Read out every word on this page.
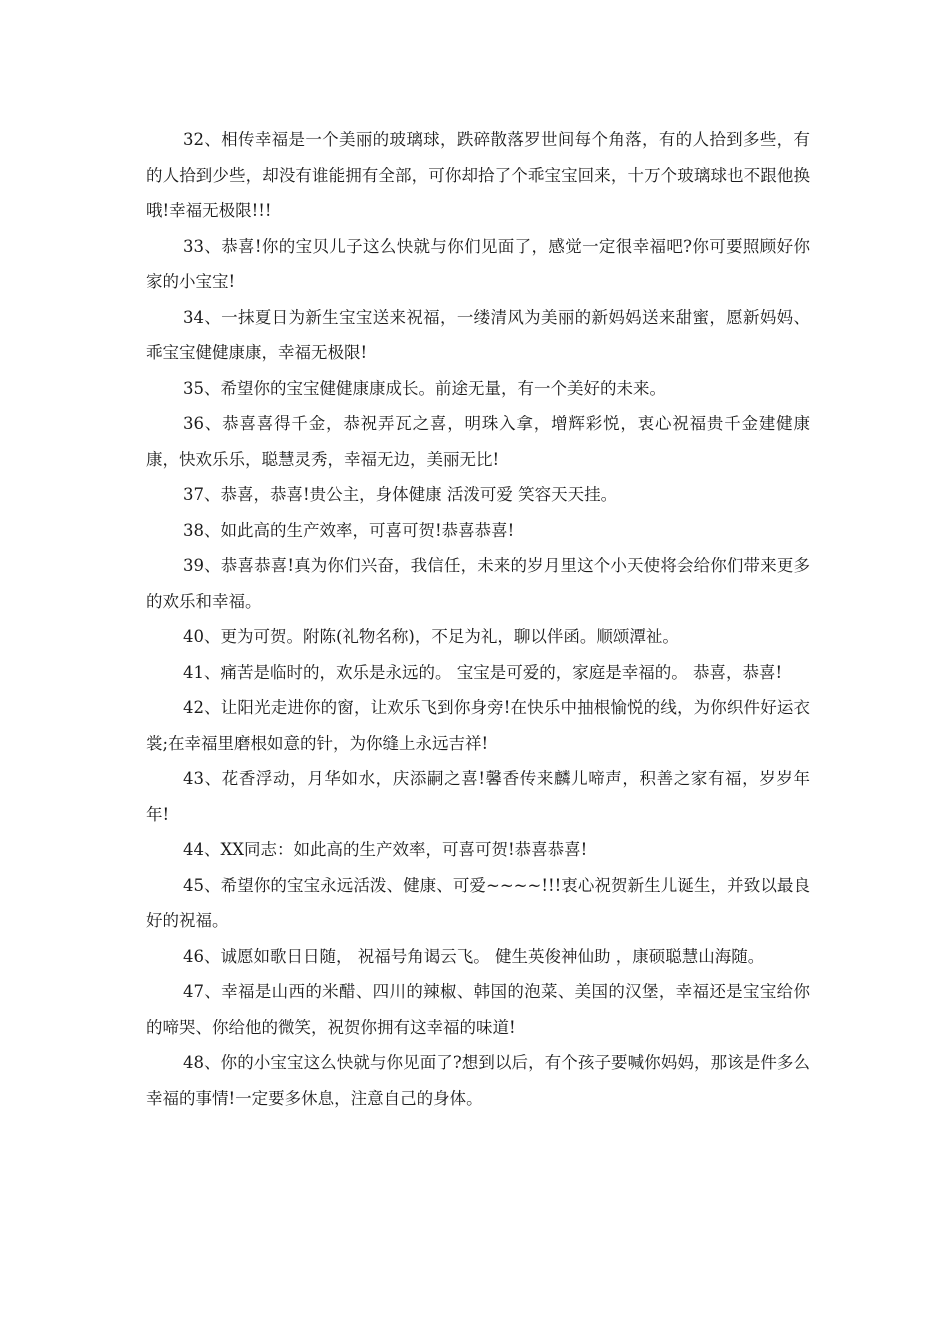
32、相传幸福是一个美丽的玻璃球，跌碎散落罗世间每个角落，有的人拾到多些，有的人拾到少些，却没有谁能拥有全部，可你却拾了个乖宝宝回来，十万个玻璃球也不跟他换哦!幸福无极限!!!

33、恭喜!你的宝贝儿子这么快就与你们见面了，感觉一定很幸福吧?你可要照顾好你家的小宝宝!

34、一抹夏日为新生宝宝送来祝福，一缕清风为美丽的新妈妈送来甜蜜，愿新妈妈、乖宝宝健健康康，幸福无极限!

35、希望你的宝宝健健康康成长。前途无量，有一个美好的未来。

36、恭喜喜得千金，恭祝弄瓦之喜，明珠入拿，增辉彩悦，衷心祝福贵千金建健康康，快欢乐乐，聪慧灵秀，幸福无边，美丽无比!

37、恭喜，恭喜!贵公主，身体健康 活泼可爱 笑容天天挂。

38、如此高的生产效率，可喜可贺!恭喜恭喜!

39、恭喜恭喜!真为你们兴奋，我信任，未来的岁月里这个小天使将会给你们带来更多的欢乐和幸福。

40、更为可贺。附陈(礼物名称)，不足为礼，聊以伴函。顺颂潭祉。

41、痛苦是临时的，欢乐是永远的。 宝宝是可爱的，家庭是幸福的。 恭喜，恭喜!

42、让阳光走进你的窗，让欢乐飞到你身旁!在快乐中抽根愉悦的线，为你织件好运衣裳;在幸福里磨根如意的针，为你缝上永远吉祥!

43、花香浮动，月华如水，庆添嗣之喜!馨香传来麟儿啼声，积善之家有福，岁岁年年!

44、XX同志：如此高的生产效率，可喜可贺!恭喜恭喜!

45、希望你的宝宝永远活泼、健康、可爱~~~~!!!衷心祝贺新生儿诞生，并致以最良好的祝福。

46、诚愿如歌日日随， 祝福号角谒云飞。 健生英俊神仙助 ，康硕聪慧山海随。

47、幸福是山西的米醋、四川的辣椒、韩国的泡菜、美国的汉堡，幸福还是宝宝给你的啼哭、你给他的微笑，祝贺你拥有这幸福的味道!

48、你的小宝宝这么快就与你见面了?想到以后，有个孩子要喊你妈妈，那该是件多么幸福的事情!一定要多休息，注意自己的身体。
